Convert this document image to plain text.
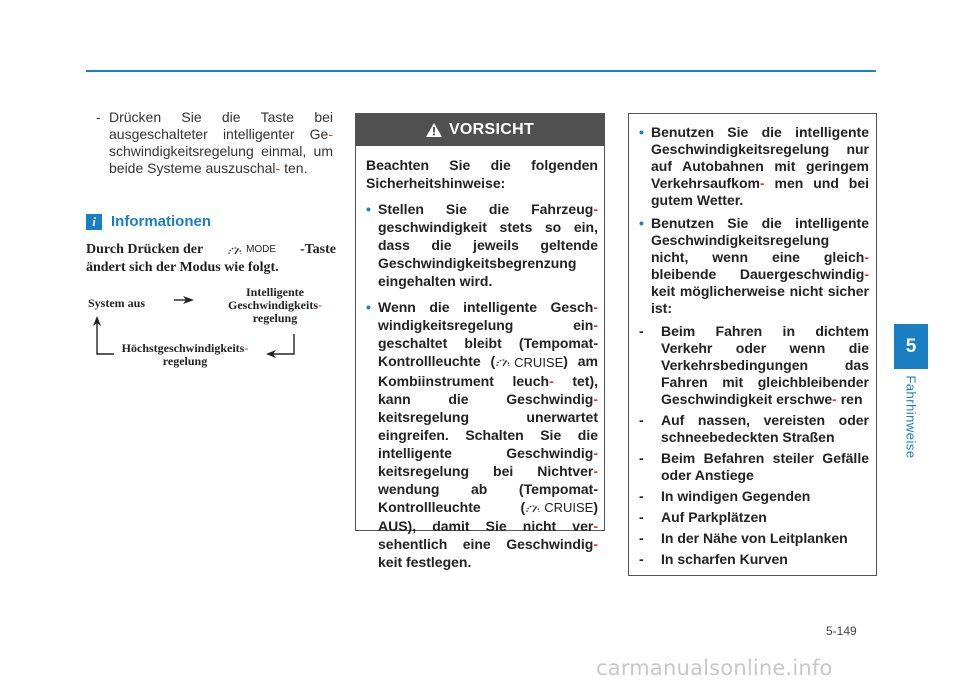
5
Fahrhinweise
- Drücken Sie die Taste bei ausgeschalteter intelligenter Ge- schwindigkeitsregelung einmal, um beide Systeme auszuschal- ten.
i	Informationen
Durch Drücken der	MODE -Taste
ändert sich der Modus wie folgt.
System aus
Intelligente
Geschwindigkeits-
regelung
Höchstgeschwindigkeits-
regelung
VORSICHT

Beachten Sie die folgenden Sicherheitshinweise:

• Stellen Sie die Fahrzeug- geschwindigkeit stets so ein, dass die jeweils geltende Geschwindigkeitsbegrenzung eingehalten wird.
• Wenn die intelligente Gesch- windigkeitsregelung ein- geschaltet bleibt (Tempomat-Kontrollleuchte ( CRUISE ) am Kombiinstrument leuch- tet), kann die Geschwindig- keitsregelung unerwartet eingreifen. Schalten Sie die intelligente Geschwindig- keitsregelung bei Nichtver- wendung ab (Tempomat-Kontrollleuchte ( CRUISE ) AUS), damit Sie nicht ver- sehentlich eine Geschwindig- keit festlegen.
• Benutzen Sie die intelligente Geschwindigkeitsregelung nur auf Autobahnen mit geringem Verkehrsaufkom- men und bei gutem Wetter.
• Benutzen Sie die intelligente Geschwindigkeitsregelung nicht, wenn eine gleich- bleibende Dauergeschwindig- keit möglicherweise nicht sicher ist:
- Beim Fahren in dichtem Verkehr oder wenn die Verkehrsbedingungen das Fahren mit gleichbleibender Geschwindigkeit erschwe- ren
- Auf nassen, vereisten oder schneebedeckten Straßen
- Beim Befahren steiler Gefälle oder Anstiege
- In windigen Gegenden
- Auf Parkplätzen
- In der Nähe von Leitplanken
- In scharfen Kurven
5-149
carmanualsonline.info
